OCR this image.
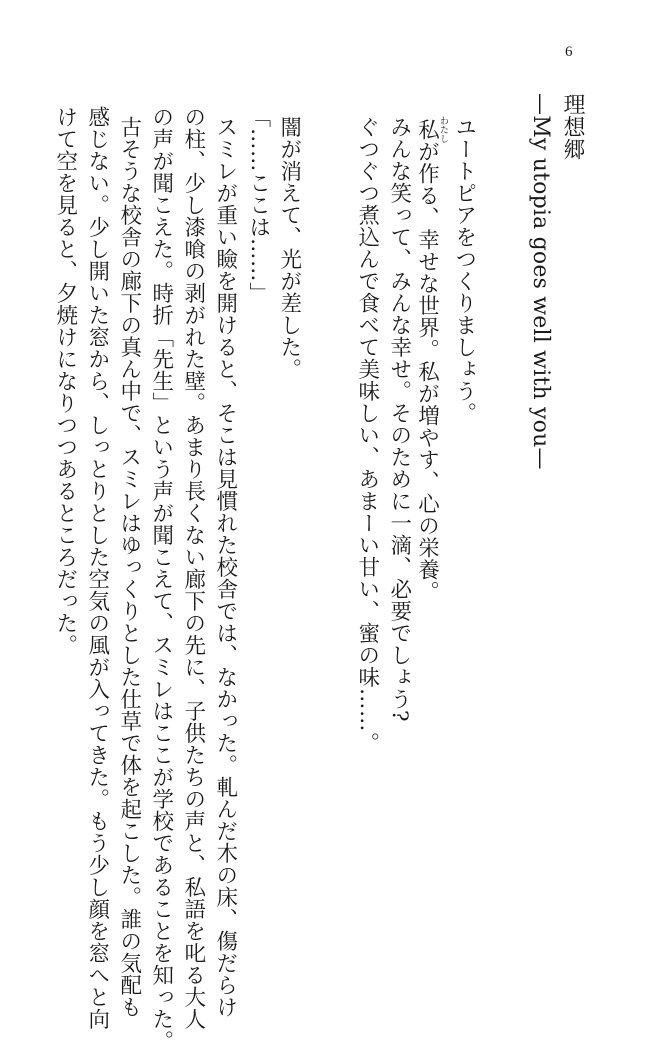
6
理想郷
—My utopia goes well with you—
ユートピアをつくりましょう。
私わたしが作る、幸せな世界。私が増やす、心の栄養。
みんな笑って、みんな幸せ。そのために一滴、必要でしょう?
ぐつぐつ煮込んで食べて美味しい、あまーい甘い、蜜の味……。
闇が消えて、光が差した。
「……ここは……」
スミレが重い瞼を開けると、そこは見慣れた校舎では、なかった。軋んだ木の床、傷だらけ
の柱、少し漆喰の剥がれた壁。あまり長くない廊下の先に、子供たちの声と、私語を叱る大人
の声が聞こえた。時折「先生」という声が聞こえて、スミレはここが学校であることを知った。
古そうな校舎の廊下の真ん中で、スミレはゆっくりとした仕草で体を起こした。誰の気配も
感じない。少し開いた窓から、しっとりとした空気の風が入ってきた。もう少し顔を窓へと向
けて空を見ると、夕焼けになりつつあるところだった。
